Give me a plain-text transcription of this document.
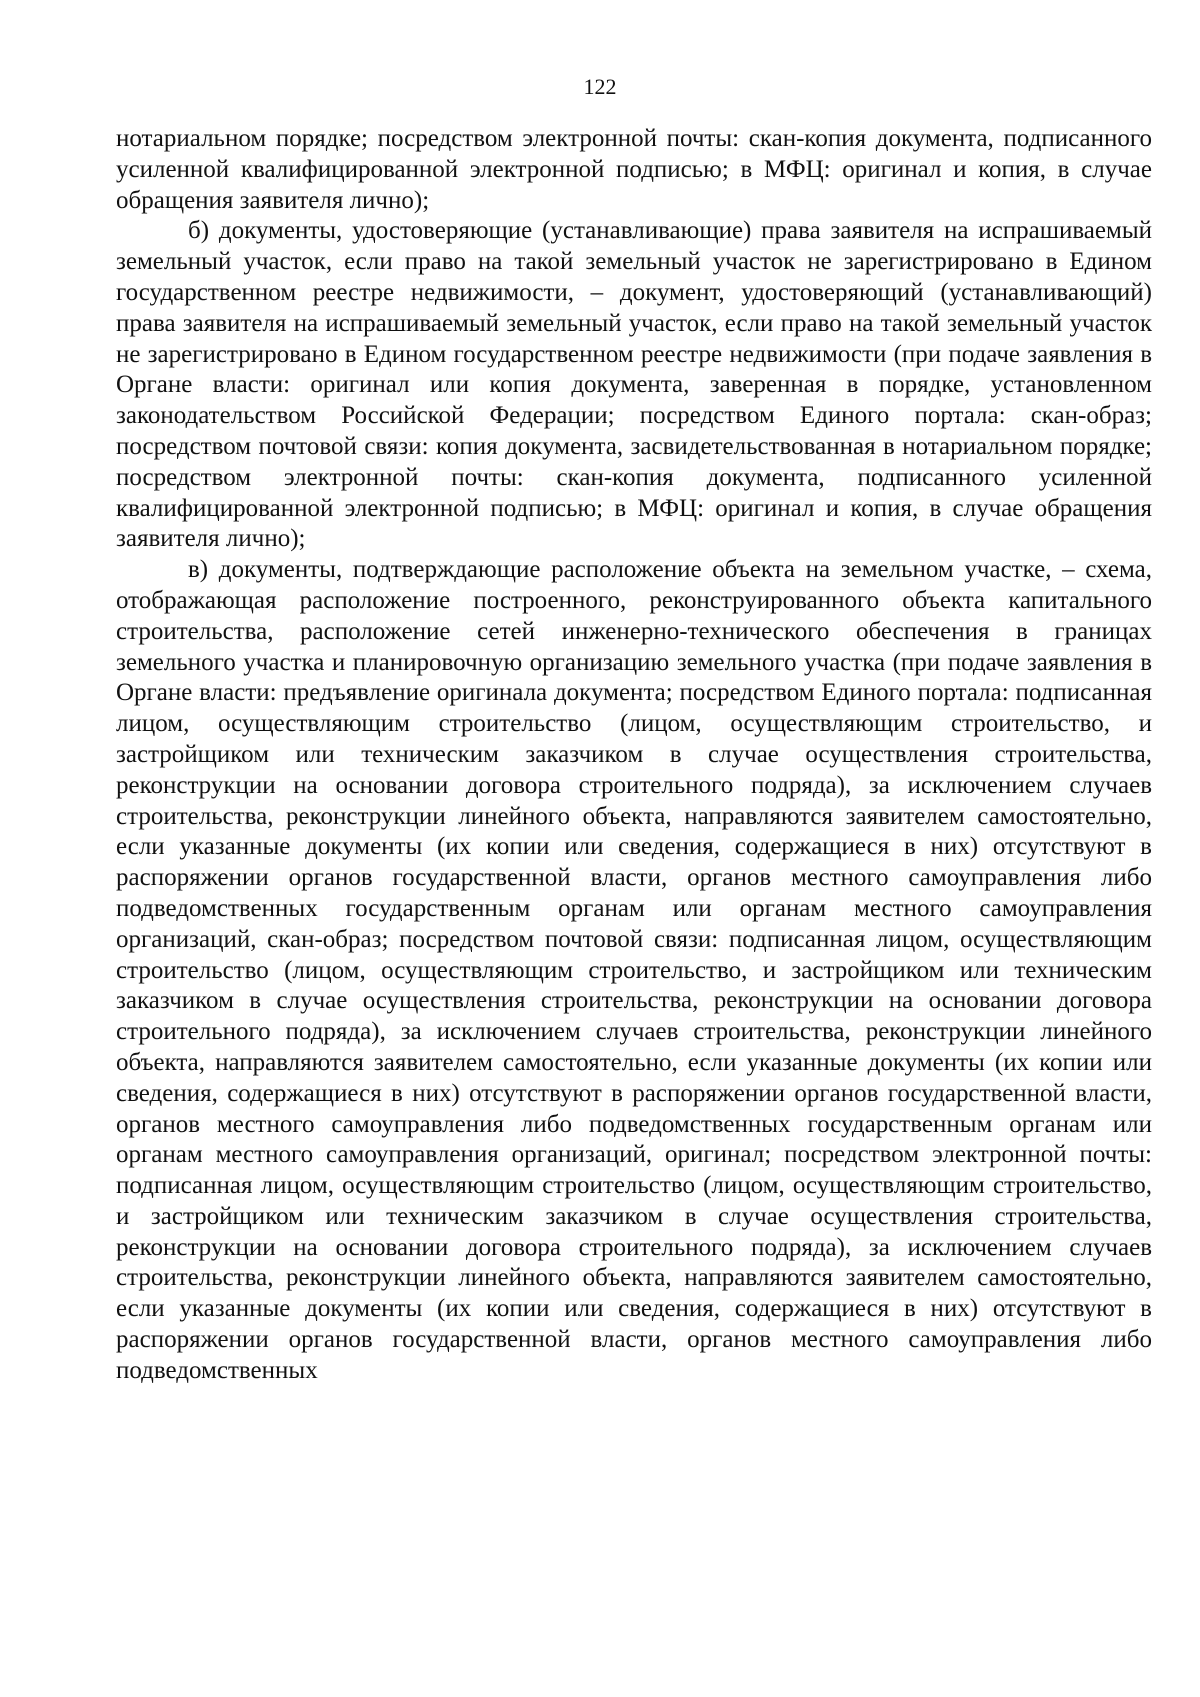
122

нотариальном порядке; посредством электронной почты: скан-копия документа, подписанного усиленной квалифицированной электронной подписью; в МФЦ: оригинал и копия, в случае обращения заявителя лично);

б) документы, удостоверяющие (устанавливающие) права заявителя на испрашиваемый земельный участок, если право на такой земельный участок не зарегистрировано в Едином государственном реестре недвижимости, – документ, удостоверяющий (устанавливающий) права заявителя на испрашиваемый земельный участок, если право на такой земельный участок не зарегистрировано в Едином государственном реестре недвижимости (при подаче заявления в Органе власти: оригинал или копия документа, заверенная в порядке, установленном законодательством Российской Федерации; посредством Единого портала: скан-образ; посредством почтовой связи: копия документа, засвидетельствованная в нотариальном порядке; посредством электронной почты: скан-копия документа, подписанного усиленной квалифицированной электронной подписью; в МФЦ: оригинал и копия, в случае обращения заявителя лично);

в) документы, подтверждающие расположение объекта на земельном участке, – схема, отображающая расположение построенного, реконструированного объекта капитального строительства, расположение сетей инженерно-технического обеспечения в границах земельного участка и планировочную организацию земельного участка (при подаче заявления в Органе власти: предъявление оригинала документа; посредством Единого портала: подписанная лицом, осуществляющим строительство (лицом, осуществляющим строительство, и застройщиком или техническим заказчиком в случае осуществления строительства, реконструкции на основании договора строительного подряда), за исключением случаев строительства, реконструкции линейного объекта, направляются заявителем самостоятельно, если указанные документы (их копии или сведения, содержащиеся в них) отсутствуют в распоряжении органов государственной власти, органов местного самоуправления либо подведомственных государственным органам или органам местного самоуправления организаций, скан-образ; посредством почтовой связи: подписанная лицом, осуществляющим строительство (лицом, осуществляющим строительство, и застройщиком или техническим заказчиком в случае осуществления строительства, реконструкции на основании договора строительного подряда), за исключением случаев строительства, реконструкции линейного объекта, направляются заявителем самостоятельно, если указанные документы (их копии или сведения, содержащиеся в них) отсутствуют в распоряжении органов государственной власти, органов местного самоуправления либо подведомственных государственным органам или органам местного самоуправления организаций, оригинал; посредством электронной почты: подписанная лицом, осуществляющим строительство (лицом, осуществляющим строительство, и застройщиком или техническим заказчиком в случае осуществления строительства, реконструкции на основании договора строительного подряда), за исключением случаев строительства, реконструкции линейного объекта, направляются заявителем самостоятельно, если указанные документы (их копии или сведения, содержащиеся в них) отсутствуют в распоряжении органов государственной власти, органов местного самоуправления либо подведомственных
